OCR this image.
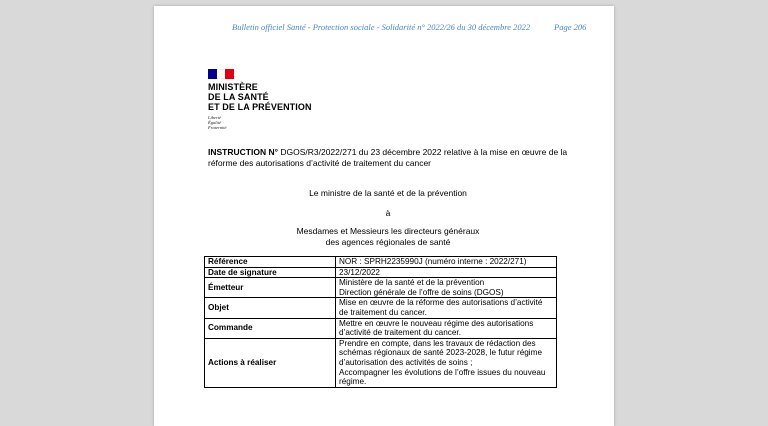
Bulletin officiel Santé - Protection sociale - Solidarité n° 2022/26 du 30 décembre 2022	Page 206
MINISTÈRE
DE LA SANTÉ
ET DE LA PRÉVENTION
Liberté
Égalité
Fraternité
INSTRUCTION N° DGOS/R3/2022/271 du 23 décembre 2022 relative à la mise en œuvre de la réforme des autorisations d’activité de traitement du cancer
Le ministre de la santé et de la prévention
à
Mesdames et Messieurs les directeurs généraux
des agences régionales de santé
Référence	NOR : SPRH2235990J (numéro interne : 2022/271)

Date de signature	23/12/2022

Émetteur	Ministère de la santé et de la prévention
Direction générale de l’offre de soins (DGOS)

Objet	Mise en œuvre de la réforme des autorisations d’activité
de traitement du cancer.

Commande	Mettre en œuvre le nouveau régime des autorisations
d’activité de traitement du cancer.

Actions à réaliser	Prendre en compte, dans les travaux de rédaction des
schémas régionaux de santé 2023-2028, le futur régime
d’autorisation des activités de soins ;
Accompagner les évolutions de l’offre issues du nouveau
régime.
